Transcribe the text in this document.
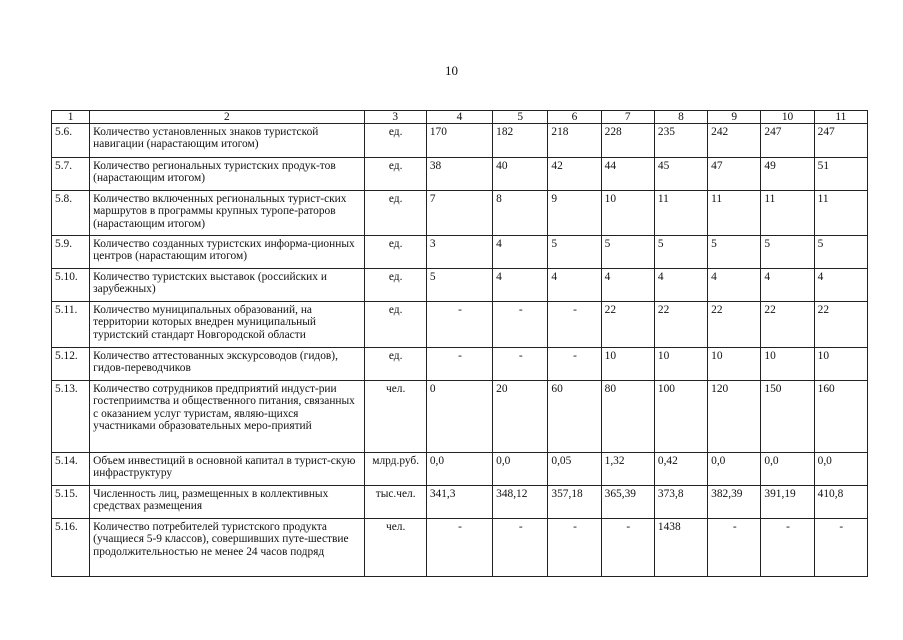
10
1	2	3	4	5	6	7	8	9	10	11
5.6.	Количество установленных знаков туристской навигации (нарастающим итогом)	ед.	170	182	218	228	235	242	247	247
5.7.	Количество региональных туристских продук-тов (нарастающим итогом)	ед.	38	40	42	44	45	47	49	51
5.8.	Количество включенных региональных турист-ских маршрутов в программы крупных туропе-раторов (нарастающим итогом)	ед.	7	8	9	10	11	11	11	11
5.9.	Количество созданных туристских информа-ционных центров (нарастающим итогом)	ед.	3	4	5	5	5	5	5	5
5.10.	Количество туристских выставок (российских и зарубежных)	ед.	5	4	4	4	4	4	4	4
5.11.	Количество муниципальных образований, на территории которых внедрен муниципальный туристский стандарт Новгородской области	ед.	-	-	-	22	22	22	22	22
5.12.	Количество аттестованных экскурсоводов (гидов), гидов-переводчиков	ед.	-	-	-	10	10	10	10	10
5.13.	Количество сотрудников предприятий индуст-рии гостеприимства и общественного питания, связанных с оказанием услуг туристам, являю-щихся участниками образовательных меро-приятий	чел.	0	20	60	80	100	120	150	160
5.14.	Объем инвестиций в основной капитал в турист-скую инфраструктуру	млрд.руб.	0,0	0,0	0,05	1,32	0,42	0,0	0,0	0,0
5.15.	Численность лиц, размещенных в коллективных средствах размещения	тыс.чел.	341,3	348,12	357,18	365,39	373,8	382,39	391,19	410,8
5.16.	Количество потребителей туристского продукта (учащиеся 5-9 классов), совершивших путе-шествие продолжительностью не менее 24 часов подряд	чел.	-	-	-	-	1438	-	-	-
